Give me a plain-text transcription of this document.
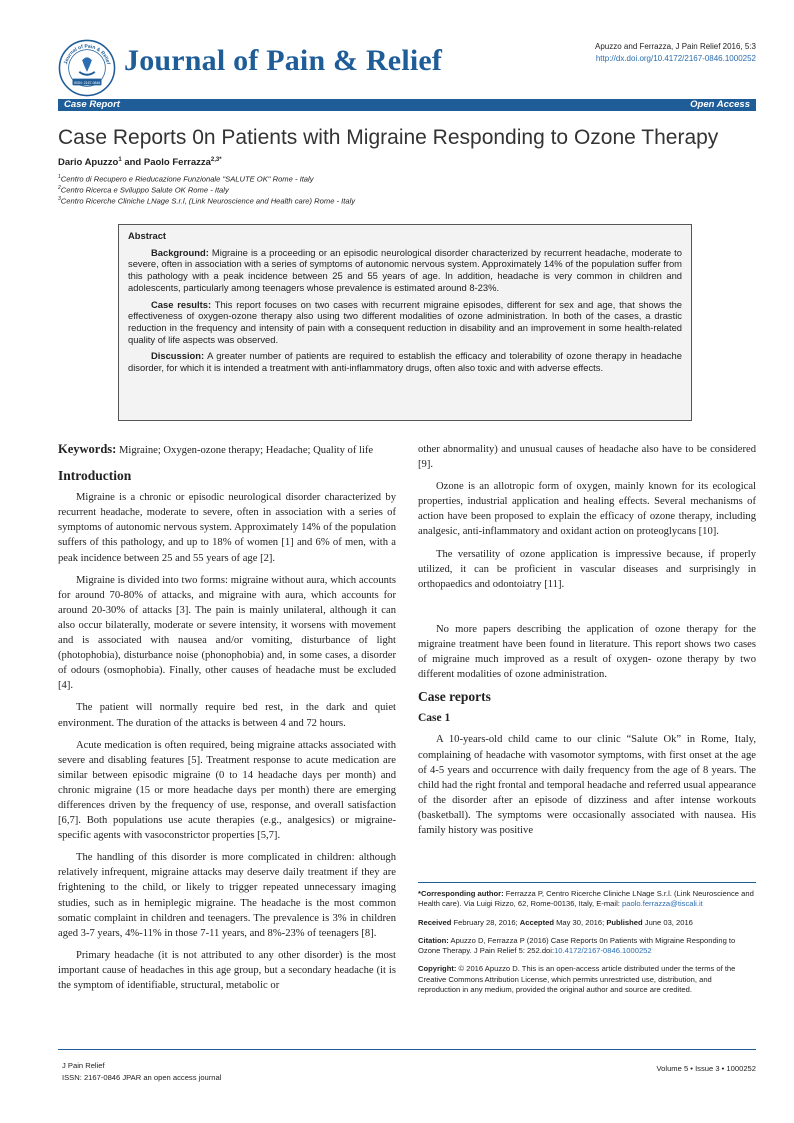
Journal of Pain & Relief
ISSN: 2167-0846
Journal of Pain & Relief	Apuzzo and Ferrazza, J Pain Relief 2016, 5:3
http://dx.doi.org/10.4172/2167-0846.1000252
Case Report	Open Access
Case Reports 0n Patients with Migraine Responding to Ozone Therapy
Dario Apuzzo$^1$ and Paolo Ferrazza$^{2,3*}$
$^1$Centro di Recupero e Rieducazione Funzionale "SALUTE OK" Rome - Italy
$^2$Centro Ricerca e Sviluppo Salute OK Rome - Italy
$^3$Centro Ricerche Cliniche LNage S.r.l, (Link Neuroscience and Health care) Rome - Italy
Abstract

Background: Migraine is a proceeding or an episodic neurological disorder characterized by recurrent headache, moderate to severe, often in association with a series of symptoms of autonomic nervous system. Approximately 14% of the population suffer from this pathology with a peak incidence between 25 and 55 years of age. In addition, headache is very common in children and adolescents, particularly among teenagers whose prevalence is estimated around 8-23%.

Case results: This report focuses on two cases with recurrent migraine episodes, different for sex and age, that shows the effectiveness of oxygen-ozone therapy also using two different modalities of ozone administration. In both of the cases, a drastic reduction in the frequency and intensity of pain with a consequent reduction in disability and an improvement in some health-related quality of life aspects was observed.

Discussion: A greater number of patients are required to establish the efficacy and tolerability of ozone therapy in headache disorder, for which it is intended a treatment with anti-inflammatory drugs, often also toxic and with adverse effects.

Keywords: Migraine; Oxygen-ozone therapy; Headache; Quality of life
Introduction

Migraine is a chronic or episodic neurological disorder characterized by recurrent headache, moderate to severe, often in association with a series of symptoms of autonomic nervous system. Approximately 14% of the population suffers of this pathology, and up to 18% of women [1] and 6% of men, with a peak incidence between 25 and 55 years of age [2].

Migraine is divided into two forms: migraine without aura, which accounts for around 70-80% of attacks, and migraine with aura, which accounts for around 20-30% of attacks [3]. The pain is mainly unilateral, although it can also occur bilaterally, moderate or severe intensity, it worsens with movement and is associated with nausea and/or vomiting, disturbance of light (photophobia), disturbance noise (phonophobia) and, in some cases, a disorder of odours (osmophobia). Finally, other causes of headache must be excluded [4].

The patient will normally require bed rest, in the dark and quiet environment. The duration of the attacks is between 4 and 72 hours.

Acute medication is often required, being migraine attacks associated with severe and disabling features [5]. Treatment response to acute medication are similar between episodic migraine (0 to 14 headache days per month) and chronic migraine (15 or more headache days per month) there are emerging differences driven by the frequency of use, response, and overall satisfaction [6,7]. Both populations use acute therapies (e.g., analgesics) or migraine-specific agents with vasoconstrictor properties [5,7].

The handling of this disorder is more complicated in children: although relatively infrequent, migraine attacks may deserve daily treatment if they are frightening to the child, or likely to trigger repeated unnecessary imaging studies, such as in hemiplegic migraine. The headache is the most common somatic complaint in children and teenagers. The prevalence is 3% in children aged 3-7 years, 4%-11% in those 7-11 years, and 8%-23% of teenagers [8].

Primary headache (it is not attributed to any other disorder) is the most important cause of headaches in this age group, but a secondary headache (it is the symptom of identifiable, structural, metabolic or

other abnormality) and unusual causes of headache also have to be considered [9].

Ozone is an allotropic form of oxygen, mainly known for its ecological properties, industrial application and healing effects. Several mechanisms of action have been proposed to explain the efficacy of ozone therapy, including analgesic, anti-inflammatory and oxidant action on proteoglycans [10].

The versatility of ozone application is impressive because, if properly utilized, it can be proficient in vascular diseases and surprisingly in orthopaedics and odontoiatry [11].

No more papers describing the application of ozone therapy for the migraine treatment have been found in literature. This report shows two cases of migraine much improved as a result of oxygen- ozone therapy by two different modalities of ozone administration.

Case reports
Case 1

A 10-years-old child came to our clinic “Salute Ok” in Rome, Italy, complaining of headache with vasomotor symptoms, with first onset at the age of 4-5 years and occurrence with daily frequency from the age of 8 years. The child had the right frontal and temporal headache and referred usual appearance of the disorder after an episode of dizziness and after intense workouts (basketball). The symptoms were occasionally associated with nausea. His family history was positive

*Corresponding author: Ferrazza P, Centro Ricerche Cliniche LNage S.r.l. (Link Neuroscience and Health care). Via Luigi Rizzo, 62, Rome-00136, Italy, E-mail: paolo.ferrazza@tiscali.it

Received February 28, 2016; Accepted May 30, 2016; Published June 03, 2016

Citation: Apuzzo D, Ferrazza P (2016) Case Reports 0n Patients with Migraine Responding to Ozone Therapy. J Pain Relief 5: 252.doi:10.4172/2167-0846.1000252

Copyright: © 2016 Apuzzo D. This is an open-access article distributed under the terms of the Creative Commons Attribution License, which permits unrestricted use, distribution, and reproduction in any medium, provided the original author and source are credited.

J Pain Relief
ISSN: 2167-0846 JPAR an open access journal
Volume 5 • Issue 3 • 1000252
